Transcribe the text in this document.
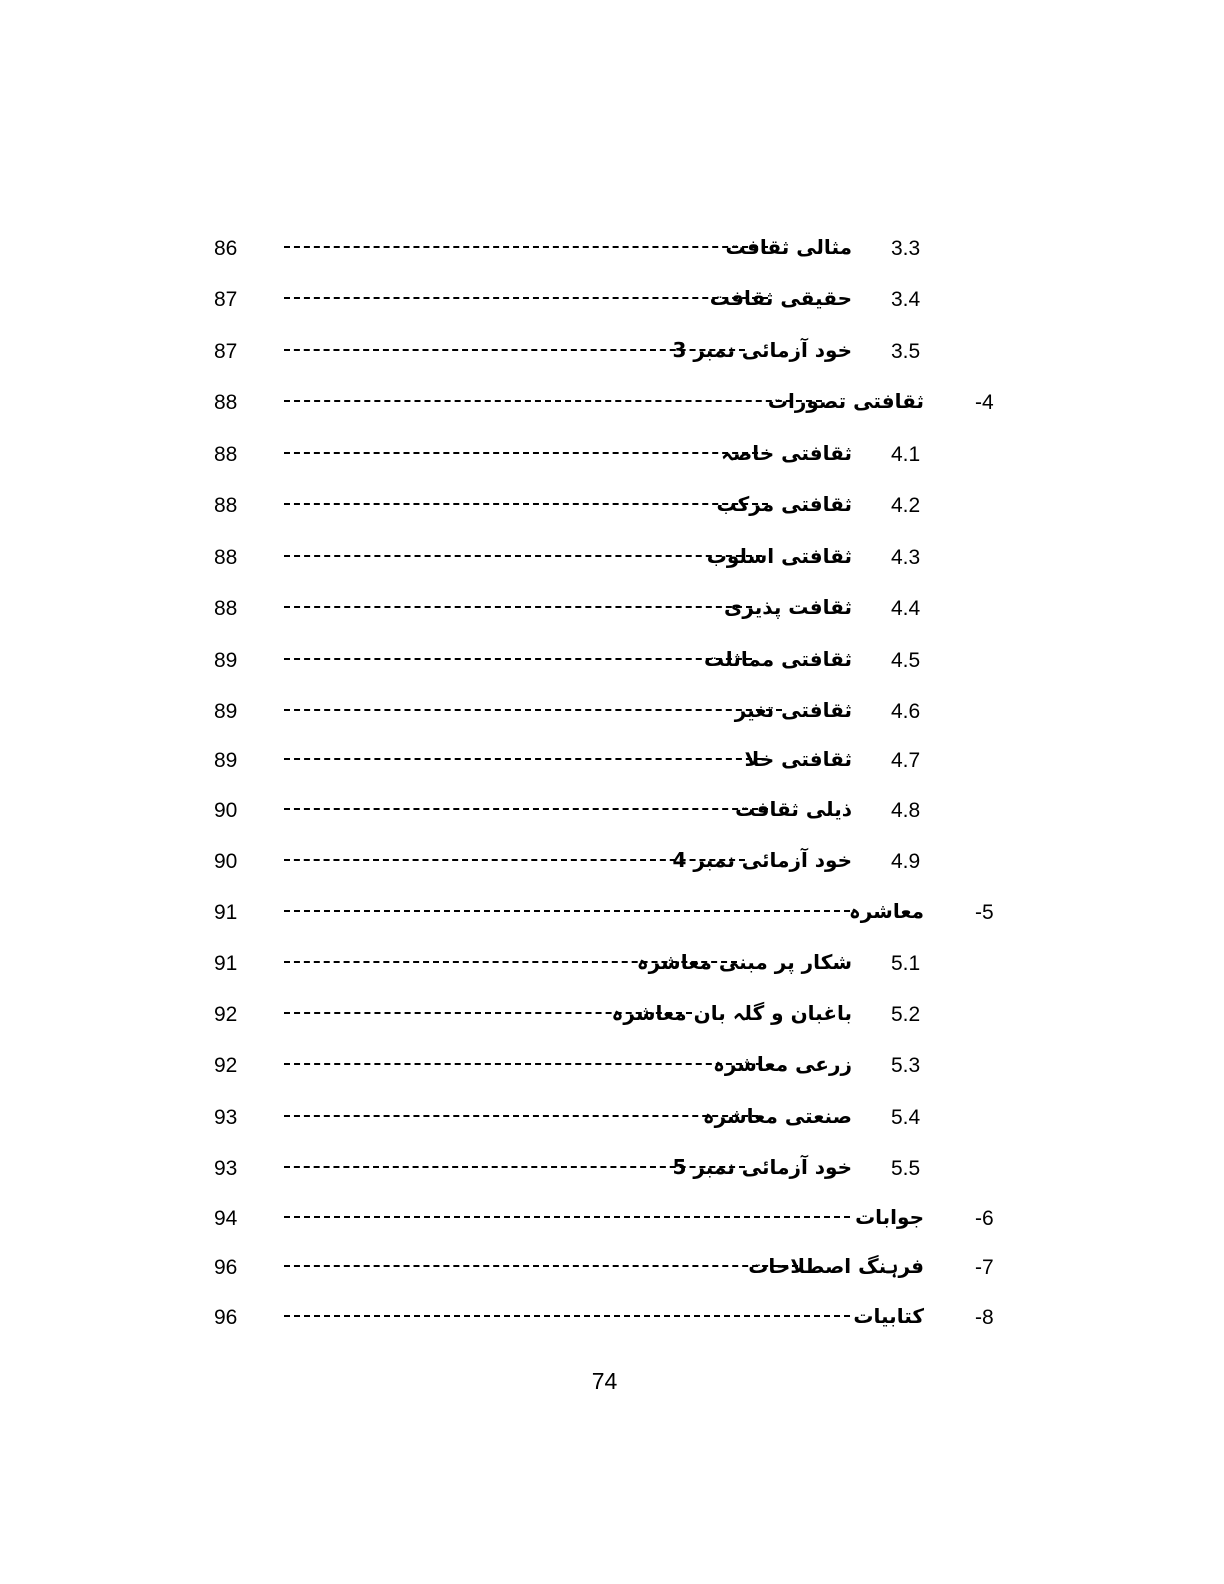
86	مثالی ثقافت 3.3
87	حقیقی ثقافت 3.4
87	خود آزمائی نمبر 3 3.5
88	ثقافتی تصورات -4
88	ثقافتی خاصہ 4.1
88	ثقافتی مرکب 4.2
88	ثقافتی اسلوب 4.3
88	ثقافت پذیری 4.4
89	ثقافتی مماثلت 4.5
89	ثقافتی تغیر 4.6
89	ثقافتی خلا 4.7
90	ذیلی ثقافت 4.8
90	خود آزمائی نمبر 4 4.9
91	معاشرہ -5
91	شکار پر مبنی معاشرہ 5.1
92	باغبان و گلہ بان معاشرہ 5.2
92	زرعی معاشرہ 5.3
93	صنعتی معاشرہ 5.4
93	خود آزمائی نمبر 5 5.5
94	جوابات -6
96	فرہنگ اصطلاحات -7
96	کتابیات -8
74
